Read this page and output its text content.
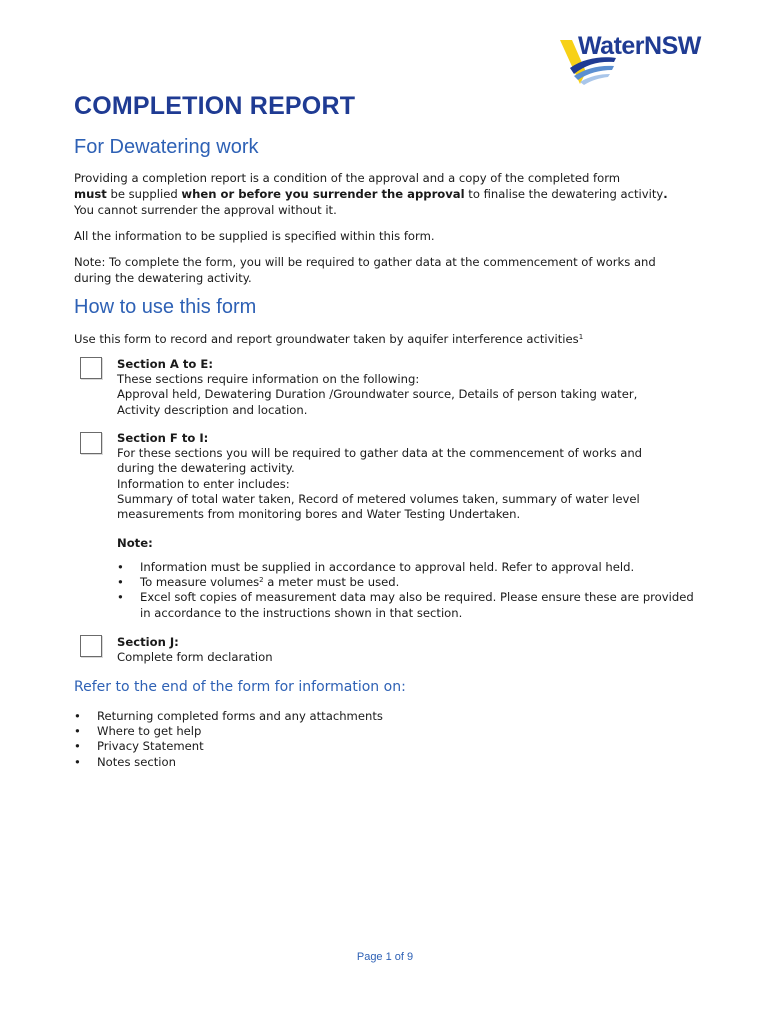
WaterNSW
COMPLETION REPORT
For Dewatering work

Providing a completion report is a condition of the approval and a copy of the completed form
must be supplied when or before you surrender the approval to finalise the dewatering activity.
You cannot surrender the approval without it.

All the information to be supplied is specified within this form.

Note: To complete the form, you will be required to gather data at the commencement of works and during the dewatering activity.

How to use this form

Use this form to record and report groundwater taken by aquifer interference activities$^1$

Section A to E:
These sections require information on the following:
Approval held, Dewatering Duration /Groundwater source, Details of person taking water,
Activity description and location.
Section F to I:
For these sections you will be required to gather data at the commencement of works and
during the dewatering activity.
Information to enter includes:
Summary of total water taken, Record of metered volumes taken, summary of water level
measurements from monitoring bores and Water Testing Undertaken.
Note:
• Information must be supplied in accordance to approval held. Refer to approval held.
• To measure volumes$^2$ a meter must be used.
• Excel soft copies of measurement data may also be required. Please ensure these are provided in accordance to the instructions shown in that section.
Section J:
Complete form declaration
Refer to the end of the form for information on:
• Returning completed forms and any attachments
• Where to get help
• Privacy Statement
• Notes section
Page 1 of 9
